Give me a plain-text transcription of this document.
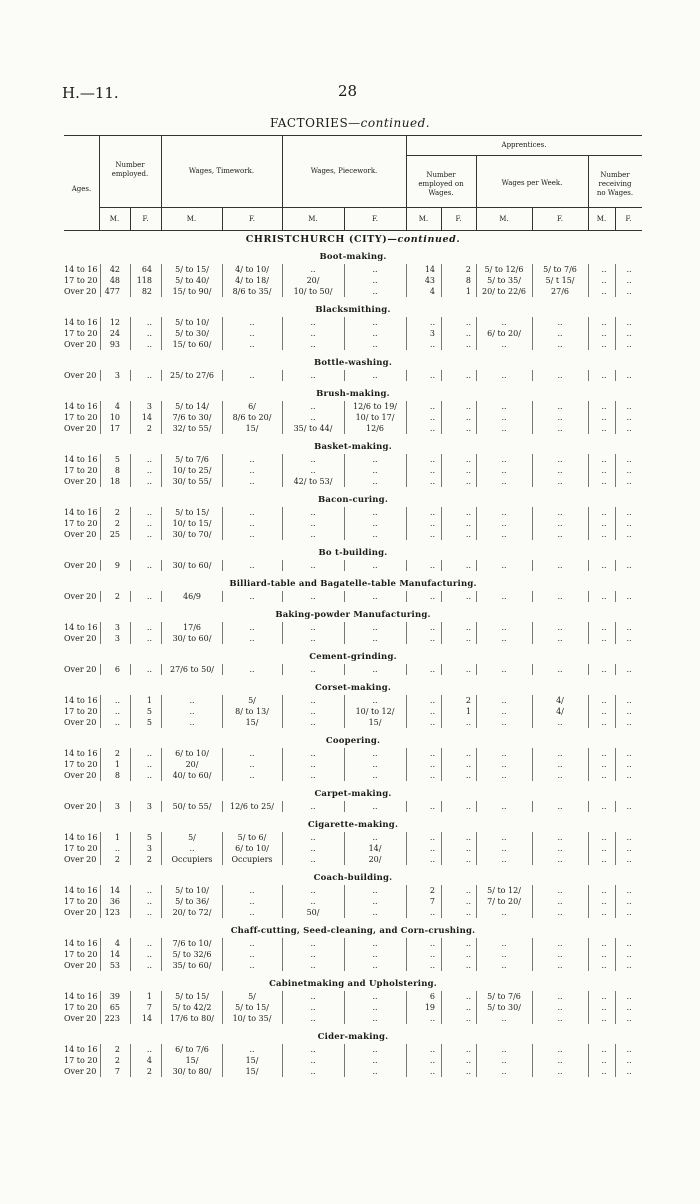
H.—11.	28
FACTORIES—continued.
Ages.
Number
employed.	Wages, Timework.	Wages, Piecework.
Apprentices.
Number
employed on
Wages.
Wages per Week.
Number
receiving
no Wages.
M.	F.	M.	F.	M.	F.	M.	F.	M.	F.	M.	F.
CHRISTCHURCH (CITY)—continued.
Boot-making.
14 to 16 42	64	5/ to 15/	4/ to 10/	..	..	14	2	5/ to 12/6	5/ to 7/6	..	..
17 to 20 48 118	5/ to 40/	4/ to 18/	20/	..	43	8	5/ to 35/	5/ t 15/	..	..
Over 20 477	82	15/ to 90/	8/6 to 35/	10/ to 50/	..	4	1	20/ to 22/6	27/6	..	..
Blacksmithing.
14 to 16 12	..	5/ to 10/	..	..	..	..	..	..	..	..	..
17 to 20 24	..	5/ to 30/	..	..	..	3	..	6/ to 20/	..	..	..
Over 20 93	..	15/ to 60/	..	..	..	..	..	..	..	..	..
Bottle-washing.
Over 20 3	..	25/ to 27/6	..	..	..	..	..	..	..	..	..
Brush-making.
14 to 16 4	3	5/ to 14/	6/	..	12/6 to 19/	..	..	..	..	..	..
17 to 20 10	14	7/6 to 30/	8/6 to 20/	..	10/ to 17/	..	..	..	..	..	..
Over 20 17	2	32/ to 55/	15/	35/ to 44/	12/6	..	..	..	..	..	..
Basket-making.
14 to 16 5	..	5/ to 7/6	..	..	..	..	..	..	..	..	..
17 to 20 8	..	10/ to 25/	..	..	..	..	..	..	..	..	..
Over 20 18	..	30/ to 55/	..	42/ to 53/	..	..	..	..	..	..	..
Bacon-curing.
14 to 16 2	..	5/ to 15/	..	..	..	..	..	..	..	..	..
17 to 20 2	..	10/ to 15/	..	..	..	..	..	..	..	..	..
Over 20 25	..	30/ to 70/	..	..	..	..	..	..	..	..	..
Bo t-building.
Over 20 9	..	30/ to 60/	..	..	..	..	..	..	..	..	..
Billiard-table and Bagatelle-table Manufacturing.
Over 20 2	..	46/9	..	..	..	..	..	..	..	..	..
Baking-powder Manufacturing.
14 to 16 3	..	17/6	..	..	..	..	..	..	..	..	..
Over 20 3	..	30/ to 60/	..	..	..	..	..	..	..	..	..
Cement-grinding.
Over 20 6	..	27/6 to 50/	..	..	..	..	..	..	..	..	..
Corset-making.
14 to 16 ..	1	..	5/	..	..	..	2	..	4/	..	..
17 to 20 ..	5	..	8/ to 13/	..	10/ to 12/	..	1	..	4/	..	..
Over 20 ..	5	..	15/	..	15/	..	..	..	..	..	..
Coopering.
14 to 16 2	..	6/ to 10/	..	..	..	..	..	..	..	..	..
17 to 20 1	..	20/	..	..	..	..	..	..	..	..	..
Over 20 8	..	40/ to 60/	..	..	..	..	..	..	..	..	..
Carpet-making.
Over 20 3	3	50/ to 55/	12/6 to 25/	..	..	..	..	..	..	..	..
Cigarette-making.
14 to 16 1	5	5/	5/ to 6/	..	..	..	..	..	..	..	..
17 to 20 ..	3	..	6/ to 10/	..	14/	..	..	..	..	..	..
Over 20 2	2	Occupiers	Occupiers	..	20/	..	..	..	..	..	..
Coach-building.
14 to 16 14	..	5/ to 10/	..	..	..	2	..	5/ to 12/	..	..	..
17 to 20 36	..	5/ to 36/	..	..	..	7	..	7/ to 20/	..	..	..
Over 20 123	..	20/ to 72/	..	50/	..	..	..	..	..	..	..
Chaff-cutting, Seed-cleaning, and Corn-crushing.
14 to 16 4	..	7/6 to 10/	..	..	..	..	..	..	..	..	..
17 to 20 14	..	5/ to 32/6	..	..	..	..	..	..	..	..	..
Over 20 53	..	35/ to 60/	..	..	..	..	..	..	..	..	..
Cabinetmaking and Upholstering.
14 to 16 39	1	5/ to 15/	5/	..	..	6	..	5/ to 7/6	..	..	..
17 to 20 65	7	5/ to 42/2	5/ to 15/	..	..	19	..	5/ to 30/	..	..	..
Over 20 223	14	17/6 to 80/	10/ to 35/	..	..	..	..	..	..	..	..
Cider-making.
14 to 16 2	..	6/ to 7/6	..	..	..	..	..	..	..	..	..
17 to 20 2	4	15/	15/	..	..	..	..	..	..	..	..
Over 20 7	2	30/ to 80/	15/	..	..	..	..	..	..	..	..
